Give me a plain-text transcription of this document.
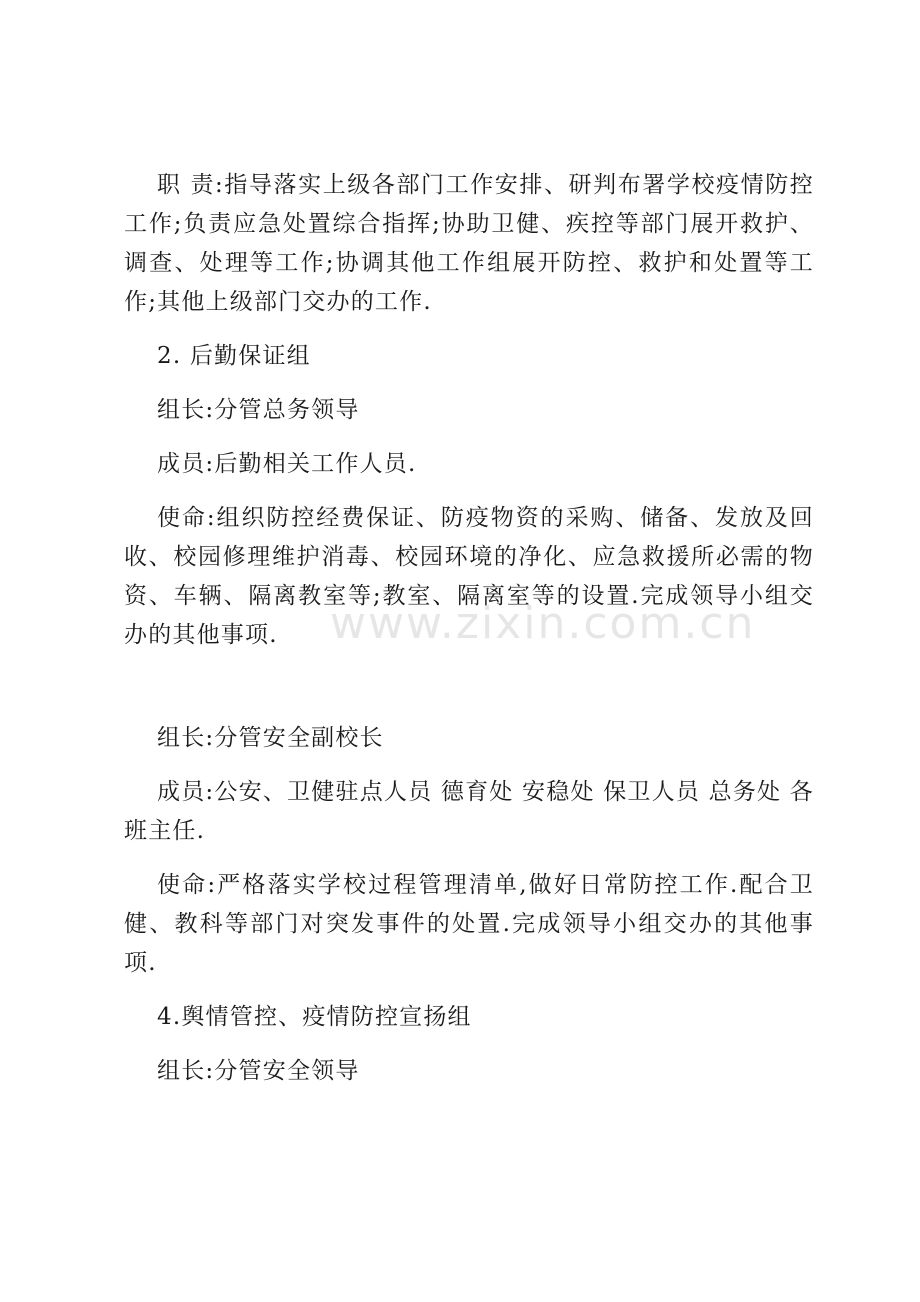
www.zixin.com.cn

职 责:指导落实上级各部门工作安排、研判布署学校疫情防控工作;负责应急处置综合指挥;协助卫健、疾控等部门展开救护、调查、处理等工作;协调其他工作组展开防控、救护和处置等工作;其他上级部门交办的工作.

2. 后勤保证组

组长:分管总务领导

成员:后勤相关工作人员.

使命:组织防控经费保证、防疫物资的采购、储备、发放及回收、校园修理维护消毒、校园环境的净化、应急救援所必需的物资、车辆、隔离教室等;教室、隔离室等的设置.完成领导小组交办的其他事项.

组长:分管安全副校长

成员:公安、卫健驻点人员 德育处 安稳处 保卫人员 总务处 各班主任.

使命:严格落实学校过程管理清单,做好日常防控工作.配合卫健、教科等部门对突发事件的处置.完成领导小组交办的其他事项.

4.舆情管控、疫情防控宣扬组

组长:分管安全领导
